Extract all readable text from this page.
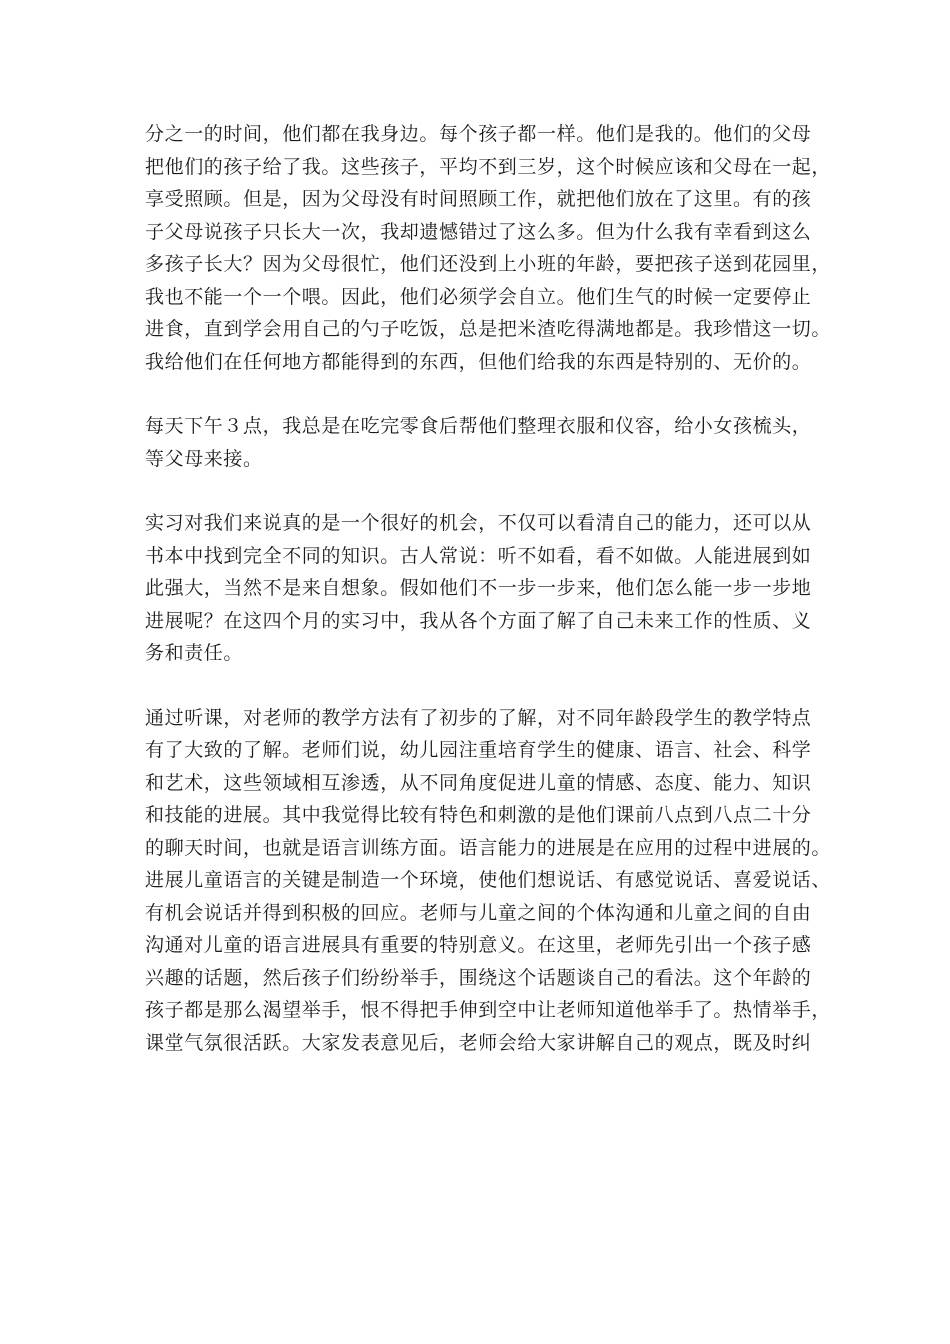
分之一的时间，他们都在我身边。每个孩子都一样。他们是我的。他们的父母
把他们的孩子给了我。这些孩子，平均不到三岁，这个时候应该和父母在一起，
享受照顾。但是，因为父母没有时间照顾工作，就把他们放在了这里。有的孩
子父母说孩子只长大一次，我却遗憾错过了这么多。但为什么我有幸看到这么
多孩子长大？因为父母很忙，他们还没到上小班的年龄，要把孩子送到花园里，
我也不能一个一个喂。因此，他们必须学会自立。他们生气的时候一定要停止
进食，直到学会用自己的勺子吃饭，总是把米渣吃得满地都是。我珍惜这一切。
我给他们在任何地方都能得到的东西，但他们给我的东西是特别的、无价的。
每天下午３点，我总是在吃完零食后帮他们整理衣服和仪容，给小女孩梳头，
等父母来接。
实习对我们来说真的是一个很好的机会，不仅可以看清自己的能力，还可以从
书本中找到完全不同的知识。古人常说：听不如看，看不如做。人能进展到如
此强大，当然不是来自想象。假如他们不一步一步来，他们怎么能一步一步地
进展呢？在这四个月的实习中，我从各个方面了解了自己未来工作的性质、义
务和责任。
通过听课，对老师的教学方法有了初步的了解，对不同年龄段学生的教学特点
有了大致的了解。老师们说，幼儿园注重培育学生的健康、语言、社会、科学
和艺术，这些领域相互渗透，从不同角度促进儿童的情感、态度、能力、知识
和技能的进展。其中我觉得比较有特色和刺激的是他们课前八点到八点二十分
的聊天时间，也就是语言训练方面。语言能力的进展是在应用的过程中进展的。
进展儿童语言的关键是制造一个环境，使他们想说话、有感觉说话、喜爱说话、
有机会说话并得到积极的回应。老师与儿童之间的个体沟通和儿童之间的自由
沟通对儿童的语言进展具有重要的特别意义。在这里，老师先引出一个孩子感
兴趣的话题，然后孩子们纷纷举手，围绕这个话题谈自己的看法。这个年龄的
孩子都是那么渴望举手，恨不得把手伸到空中让老师知道他举手了。热情举手，
课堂气氛很活跃。大家发表意见后，老师会给大家讲解自己的观点，既及时纠
